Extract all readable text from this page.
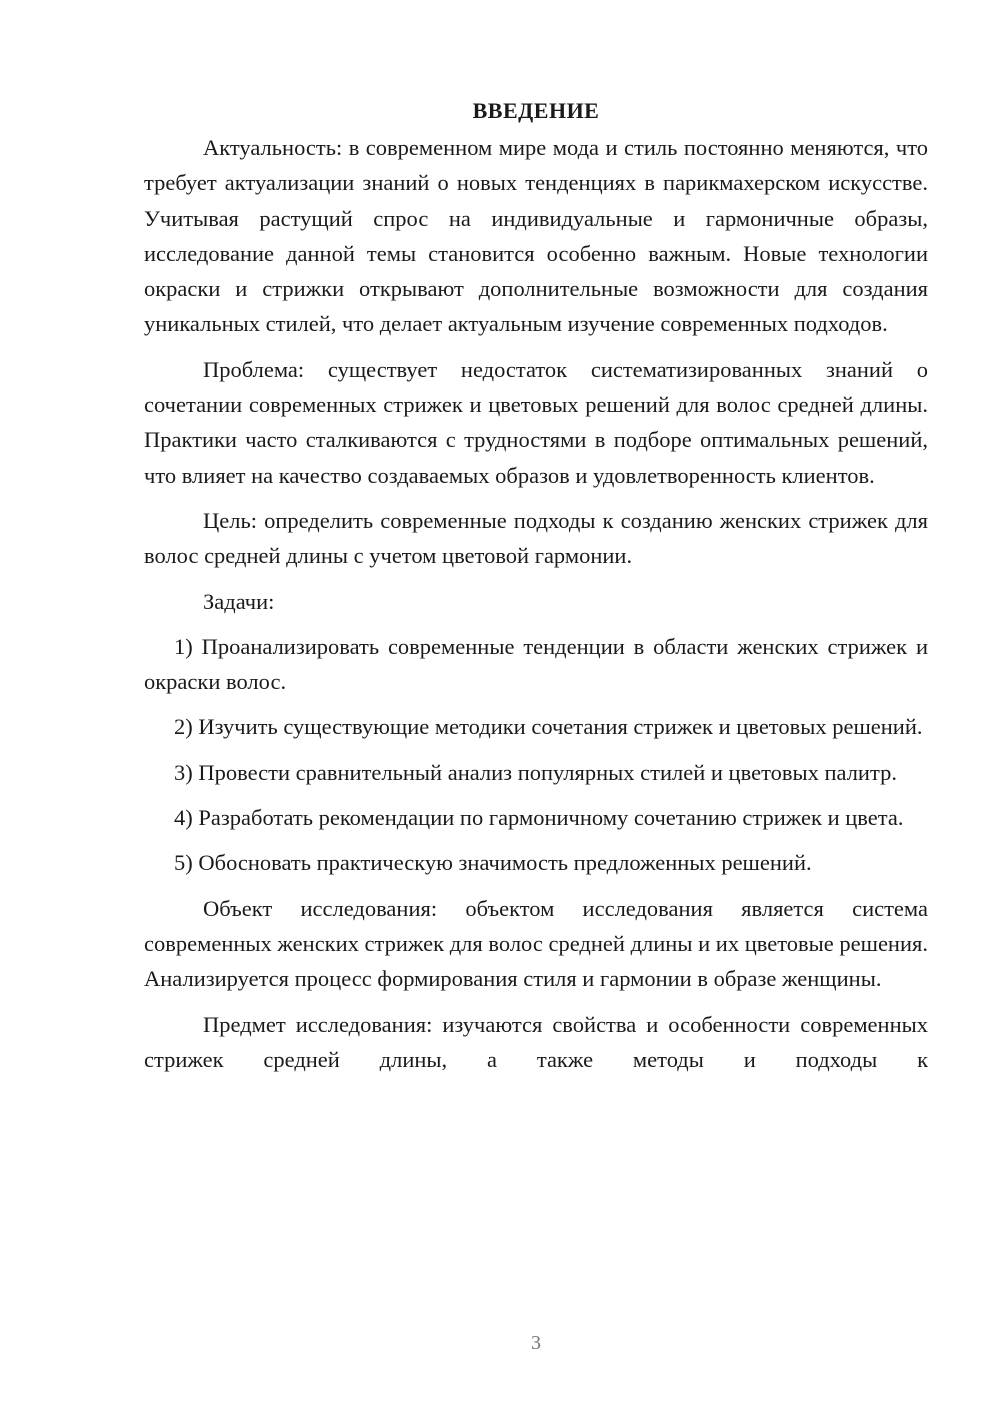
ВВЕДЕНИЕ

Актуальность: в современном мире мода и стиль постоянно меняются, что требует актуализации знаний о новых тенденциях в парикмахерском искусстве. Учитывая растущий спрос на индивидуальные и гармоничные образы, исследование данной темы становится особенно важным. Новые технологии окраски и стрижки открывают дополнительные возможности для создания уникальных стилей, что делает актуальным изучение современных подходов.

Проблема: существует недостаток систематизированных знаний о сочетании современных стрижек и цветовых решений для волос средней длины. Практики часто сталкиваются с трудностями в подборе оптимальных решений, что влияет на качество создаваемых образов и удовлетворенность клиентов.

Цель: определить современные подходы к созданию женских стрижек для волос средней длины с учетом цветовой гармонии.

Задачи:

1) Проанализировать современные тенденции в области женских стрижек и окраски волос.

2) Изучить существующие методики сочетания стрижек и цветовых решений.

3) Провести сравнительный анализ популярных стилей и цветовых палитр.

4) Разработать рекомендации по гармоничному сочетанию стрижек и цвета.

5) Обосновать практическую значимость предложенных решений.

Объект исследования: объектом исследования является система современных женских стрижек для волос средней длины и их цветовые решения. Анализируется процесс формирования стиля и гармонии в образе женщины.

Предмет исследования: изучаются свойства и особенности современных стрижек средней длины, а также методы и подходы к

3
